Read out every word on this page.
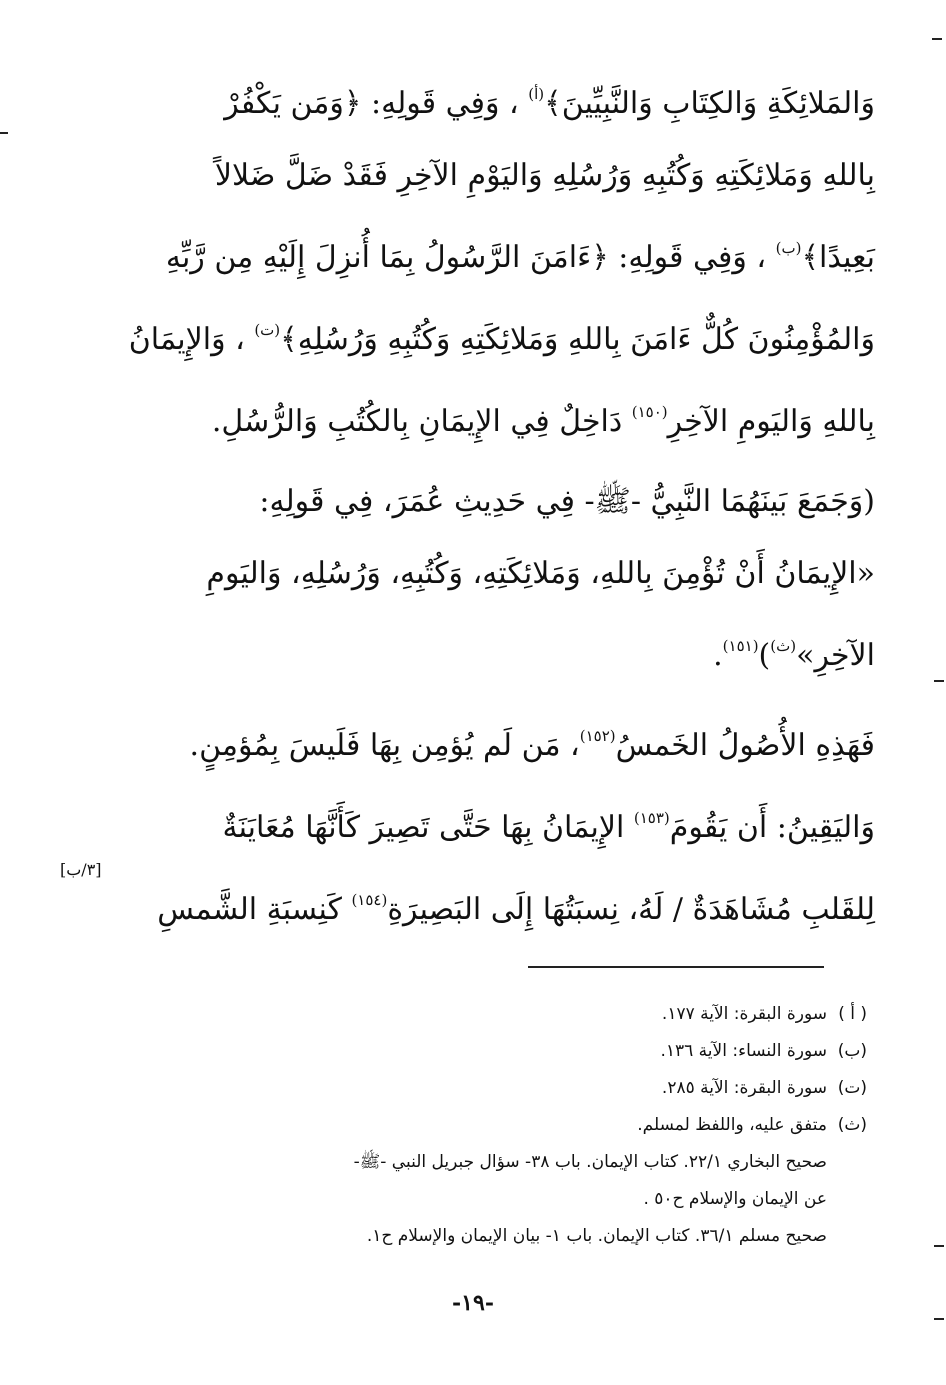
وَالمَلائِكَةِ وَالكِتَابِ وَالنَّبِيِّينَ﴾$^{(أ)}$ ، وَفِي قَولِهِ: ﴿وَمَن يَكْفُرْ
بِاللهِ وَمَلائِكَتِهِ وَكُتُبِهِ وَرُسُلِهِ وَاليَوْمِ الآخِرِ فَقَدْ ضَلَّ ضَلالاً
بَعِيدًا﴾$^{(ب)}$ ، وَفِي قَولِهِ: ﴿ءَامَنَ الرَّسُولُ بِمَا أُنزِلَ إِلَيْهِ مِن رَّبِّهِ
وَالمُؤْمِنُونَ كُلٌّ ءَامَنَ بِاللهِ وَمَلائِكَتِهِ وَكُتُبِهِ وَرُسُلِهِ﴾$^{(ت)}$ ، وَالإِيمَانُ
بِاللهِ وَاليَومِ الآخِرِ$^{(١٥٠)}$ دَاخِلٌ فِي الإِيمَانِ بِالكُتُبِ وَالرُّسُلِ.

(وَجَمَعَ بَينَهُمَا النَّبِيُّ -ﷺ- فِي حَدِيثِ عُمَرَ، فِي قَولِهِ:
«الإِيمَانُ أَنْ تُؤْمِنَ بِاللهِ، وَمَلائِكَتِهِ، وَكُتُبِهِ، وَرُسُلِهِ، وَاليَومِ
الآخِرِ»$^{(ث)}$)$^{(١٥١)}$.

فَهَذِهِ الأُصُولُ الخَمسُ$^{(١٥٢)}$، مَن لَم يُؤمِن بِهَا فَلَيسَ بِمُؤمِنٍ.
وَاليَقِينُ: أَن يَقُومَ$^{(١٥٣)}$ الإِيمَانُ بِهَا حَتَّى تَصِيرَ كَأَنَّهَا مُعَايَنَةٌ
لِلقَلبِ مُشَاهَدَةٌ / لَهُ، نِسبَتُهَا إِلَى البَصِيرَةِ$^{(١٥٤)}$ كَنِسبَةِ الشَّمسِ

[٣/ب]
( أ )
سورة البقرة: الآية ١٧٧.
(ب)
سورة النساء: الآية ١٣٦.
(ت)
سورة البقرة: الآية ٢٨٥.
(ث)
متفق عليه، واللفظ لمسلم.
صحيح البخاري ٢٢/١. كتاب الإيمان. باب ٣٨- سؤال جبريل النبي -ﷺ-
عن الإيمان والإسلام ح٥٠ .
صحيح مسلم ٣٦/١. كتاب الإيمان. باب ١- بيان الإيمان والإسلام ح١.
-١٩-
